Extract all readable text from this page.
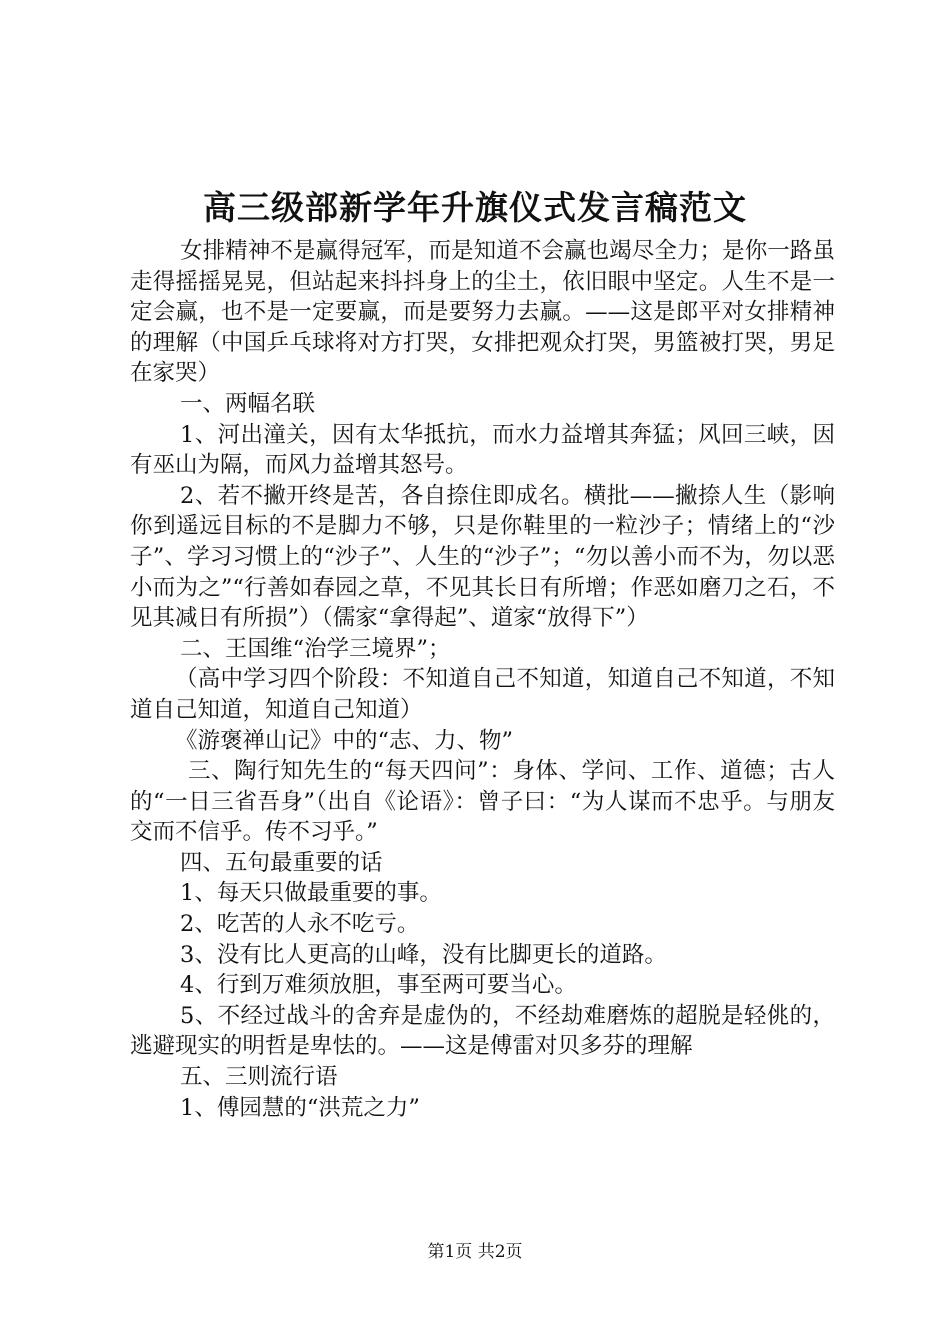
高三级部新学年升旗仪式发言稿范文

女排精神不是赢得冠军，而是知道不会赢也竭尽全力；是你一路虽走得摇摇晃晃，但站起来抖抖身上的尘土，依旧眼中坚定。人生不是一定会赢，也不是一定要赢，而是要努力去赢。——这是郎平对女排精神的理解（中国乒乓球将对方打哭，女排把观众打哭，男篮被打哭，男足在家哭）

一、两幅名联

1、河出潼关，因有太华抵抗，而水力益增其奔猛；风回三峡，因有巫山为隔，而风力益增其怒号。

2、若不撇开终是苦，各自捺住即成名。横批——撇捺人生（影响你到遥远目标的不是脚力不够，只是你鞋里的一粒沙子；情绪上的“沙子”、学习习惯上的“沙子”、人生的“沙子”；“勿以善小而不为，勿以恶小而为之”“行善如春园之草，不见其长日有所增；作恶如磨刀之石，不见其减日有所损”）（儒家“拿得起”、道家“放得下”）

二、王国维“治学三境界”；

（高中学习四个阶段：不知道自己不知道，知道自己不知道，不知道自己知道，知道自己知道）

《游褒禅山记》中的“志、力、物”

三、陶行知先生的“每天四问”：身体、学问、工作、道德；古人的“一日三省吾身”（出自《论语》：曾子曰：“为人谋而不忠乎。与朋友交而不信乎。传不习乎。”

四、五句最重要的话

1、每天只做最重要的事。

2、吃苦的人永不吃亏。

3、没有比人更高的山峰，没有比脚更长的道路。

4、行到万难须放胆，事至两可要当心。

5、不经过战斗的舍弃是虚伪的，不经劫难磨炼的超脱是轻佻的，逃避现实的明哲是卑怯的。——这是傅雷对贝多芬的理解

五、三则流行语

1、傅园慧的“洪荒之力”

第1页 共2页
